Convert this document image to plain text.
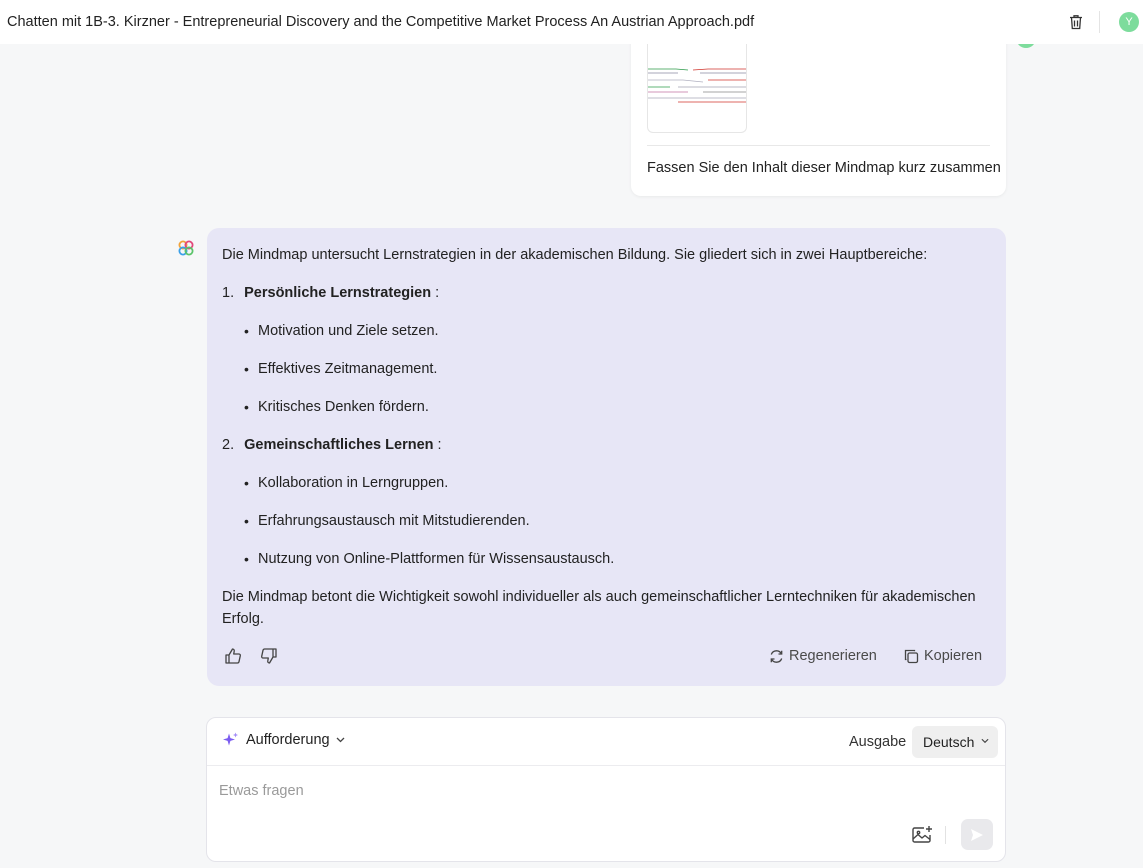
Chatten mit 1B-3. Kirzner - Entrepreneurial Discovery and the Competitive Market Process An Austrian Approach.pdf	Y
Fassen Sie den Inhalt dieser Mindmap kurz zusammen
Die Mindmap untersucht Lernstrategien in der akademischen Bildung. Sie gliedert sich in zwei Hauptbereiche:
1. Persönliche Lernstrategien :
• Motivation und Ziele setzen.
• Effektives Zeitmanagement.
• Kritisches Denken fördern.
2. Gemeinschaftliches Lernen :
• Kollaboration in Lerngruppen.
• Erfahrungsaustausch mit Mitstudierenden.
• Nutzung von Online-Plattformen für Wissensaustausch.
Die Mindmap betont die Wichtigkeit sowohl individueller als auch gemeinschaftlicher Lerntechniken für akademischen Erfolg.
Regenerieren	Kopieren
Aufforderung	Ausgabe Deutsch
Etwas fragen
